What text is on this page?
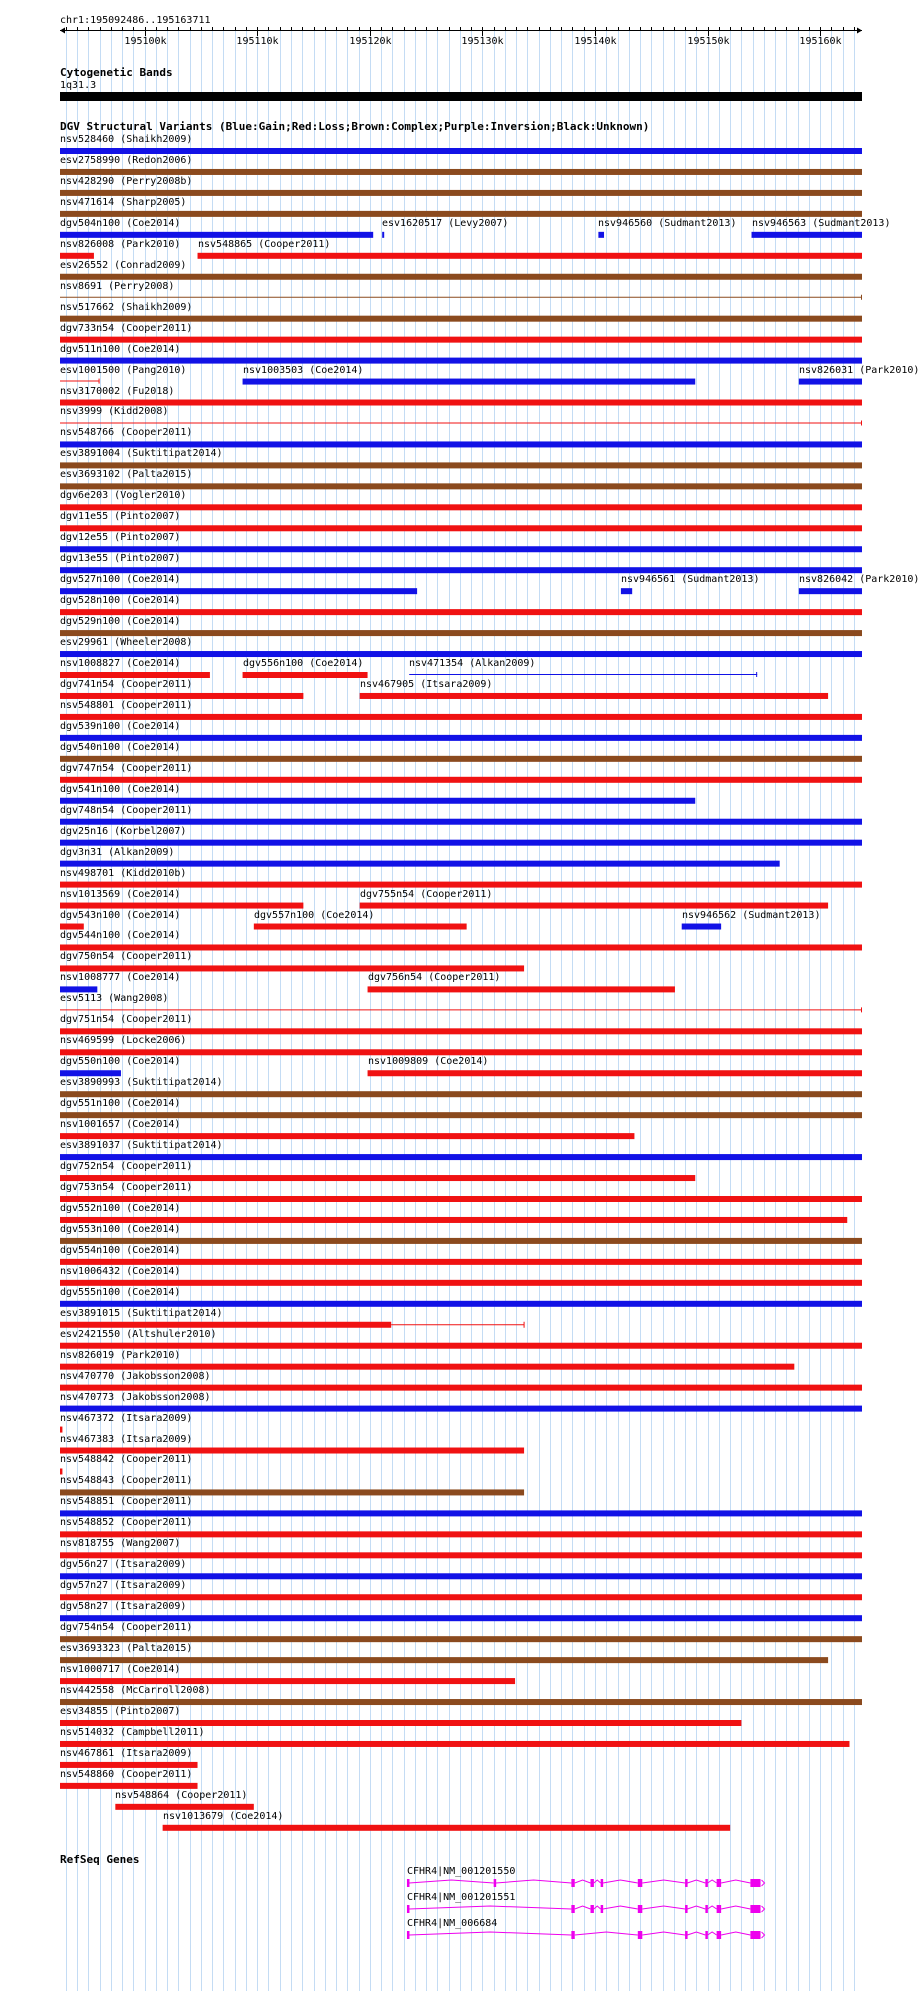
195100k	195110k	195120k	195130k	195140k	195150k	195160k
chr1:195092486..195163711
Cytogenetic Bands
1q31.3
DGV Structural Variants (Blue:Gain;Red:Loss;Brown:Complex;Purple:Inversion;Black:Unknown)
nsv528460 (Shaikh2009)
esv2758990 (Redon2006)
nsv428290 (Perry2008b)
nsv471614 (Sharp2005)
dgv504n100 (Coe2014)	esv1620517 (Levy2007)	nsv946560 (Sudmant2013) nsv946563 (Sudmant2013)
nsv826008 (Park2010) nsv548865 (Cooper2011)
esv26552 (Conrad2009)
nsv8691 (Perry2008)
nsv517662 (Shaikh2009)
dgv733n54 (Cooper2011)
dgv511n100 (Coe2014)
esv1001500 (Pang2010)	nsv1003503 (Coe2014)	nsv826031 (Park2010)
nsv3170002 (Fu2018)
nsv3999 (Kidd2008)
nsv548766 (Cooper2011)
esv3891004 (Suktitipat2014)
esv3693102 (Palta2015)
dgv6e203 (Vogler2010)
dgv11e55 (Pinto2007)
dgv12e55 (Pinto2007)
dgv13e55 (Pinto2007)
dgv527n100 (Coe2014)	nsv946561 (Sudmant2013)	nsv826042 (Park2010)
dgv528n100 (Coe2014)
dgv529n100 (Coe2014)
esv29961 (Wheeler2008)
nsv1008827 (Coe2014)	dgv556n100 (Coe2014)	nsv471354 (Alkan2009)
dgv741n54 (Cooper2011)	nsv467905 (Itsara2009)
nsv548801 (Cooper2011)
dgv539n100 (Coe2014)
dgv540n100 (Coe2014)
dgv747n54 (Cooper2011)
dgv541n100 (Coe2014)
dgv748n54 (Cooper2011)
dgv25n16 (Korbel2007)
dgv3n31 (Alkan2009)
nsv498701 (Kidd2010b)
nsv1013569 (Coe2014)	dgv755n54 (Cooper2011)
dgv543n100 (Coe2014)	dgv557n100 (Coe2014)	nsv946562 (Sudmant2013)
dgv544n100 (Coe2014)
dgv750n54 (Cooper2011)
nsv1008777 (Coe2014)	dgv756n54 (Cooper2011)
esv5113 (Wang2008)
dgv751n54 (Cooper2011)
nsv469599 (Locke2006)
dgv550n100 (Coe2014)	nsv1009809 (Coe2014)
esv3890993 (Suktitipat2014)
dgv551n100 (Coe2014)
nsv1001657 (Coe2014)
esv3891037 (Suktitipat2014)
dgv752n54 (Cooper2011)
dgv753n54 (Cooper2011)
dgv552n100 (Coe2014)
dgv553n100 (Coe2014)
dgv554n100 (Coe2014)
nsv1006432 (Coe2014)
dgv555n100 (Coe2014)
esv3891015 (Suktitipat2014)
esv2421550 (Altshuler2010)
nsv826019 (Park2010)
nsv470770 (Jakobsson2008)
nsv470773 (Jakobsson2008)
nsv467372 (Itsara2009)
nsv467383 (Itsara2009)
nsv548842 (Cooper2011)
nsv548843 (Cooper2011)
nsv548851 (Cooper2011)
nsv548852 (Cooper2011)
nsv818755 (Wang2007)
dgv56n27 (Itsara2009)
dgv57n27 (Itsara2009)
dgv58n27 (Itsara2009)
dgv754n54 (Cooper2011)
esv3693323 (Palta2015)
nsv1000717 (Coe2014)
nsv442558 (McCarroll2008)
esv34855 (Pinto2007)
nsv514032 (Campbell2011)
nsv467861 (Itsara2009)
nsv548860 (Cooper2011)
nsv548864 (Cooper2011)
nsv1013679 (Coe2014)
RefSeq Genes
CFHR4|NM_001201550
CFHR4|NM_001201551
CFHR4|NM_006684
